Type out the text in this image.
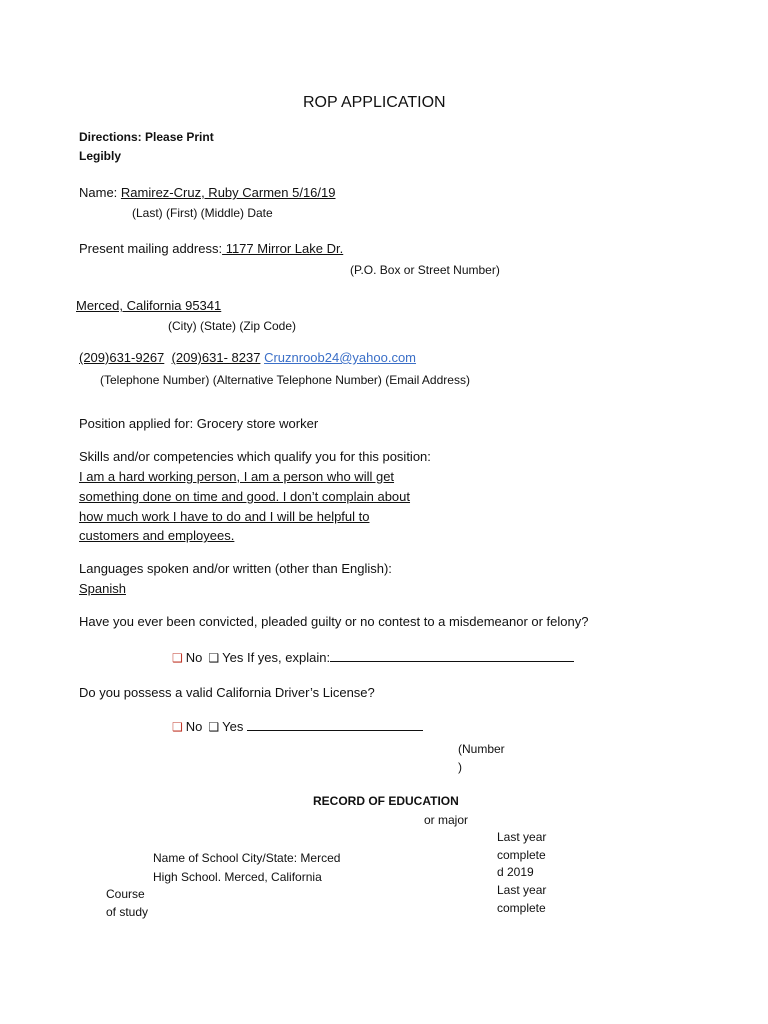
ROP APPLICATION
Directions: Please Print
Legibly
Name: Ramirez-Cruz, Ruby Carmen 5/16/19
(Last) (First) (Middle) Date
Present mailing address: 1177 Mirror Lake Dr.
(P.O. Box or Street Number)
Merced, California 95341
(City) (State) (Zip Code)
(209)631-9267 (209)631- 8237 Cruznroob24@yahoo.com
(Telephone Number) (Alternative Telephone Number) (Email Address)
Position applied for: Grocery store worker
Skills and/or competencies which qualify you for this position:
I am a hard working person, I am a person who will get
something done on time and good. I don’t complain about
how much work I have to do and I will be helpful to
customers and employees.
Languages spoken and/or written (other than English):
Spanish
Have you ever been convicted, pleaded guilty or no contest to a misdemeanor or felony?
❑ No ❑ Yes If yes, explain:
Do you possess a valid California Driver’s License?
❑ No ❑ Yes
(Number
)
RECORD OF EDUCATION
or major
Name of School City/State: Merced
High School. Merced, California
Course
of study
Last year
complete
d 2019
Last year
complete
